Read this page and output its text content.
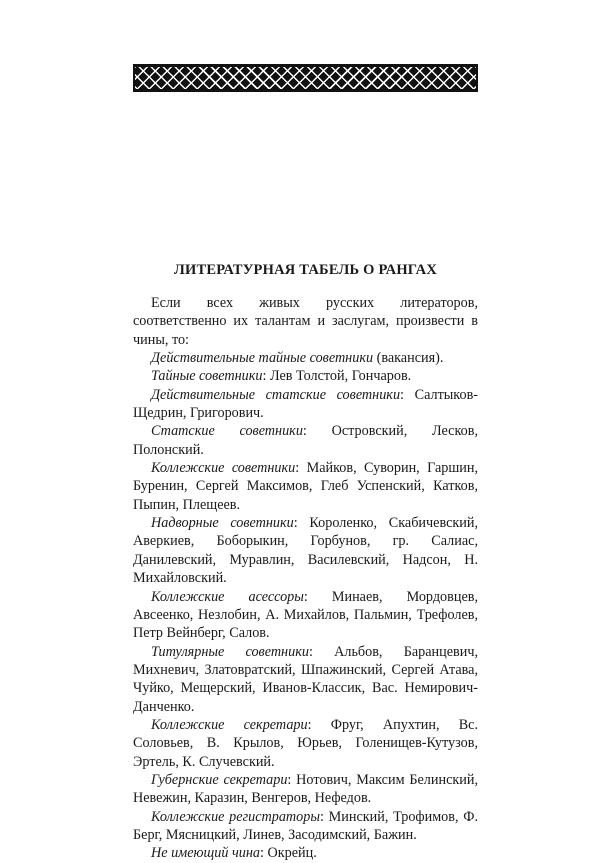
ЛИТЕРАТУРНАЯ ТАБЕЛЬ О РАНГАХ

Если всех живых русских литераторов, соответственно их талантам и заслугам, произвести в чины, то:

Действительные тайные советники (вакансия).

Тайные советники: Лев Толстой, Гончаров.

Действительные статские советники: Салтыков-Щедрин, Григорович.

Статские советники: Островский, Лесков, Полонский.

Коллежские советники: Майков, Суворин, Гаршин, Буренин, Сергей Максимов, Глеб Успенский, Катков, Пыпин, Плещеев.

Надворные советники: Короленко, Скабичевский, Аверкиев, Боборыкин, Горбунов, гр. Салиас, Данилевский, Муравлин, Василевский, Надсон, Н. Михайловский.

Коллежские асессоры: Минаев, Мордовцев, Авсеенко, Незлобин, А. Михайлов, Пальмин, Трефолев, Петр Вейнберг, Салов.

Титулярные советники: Альбов, Баранцевич, Михневич, Златовратский, Шпажинский, Сергей Атава, Чуйко, Мещерский, Иванов-Классик, Вас. Немирович-Данченко.

Коллежские секретари: Фруг, Апухтин, Вс. Соловьев, В. Крылов, Юрьев, Голенищев-Кутузов, Эртель, К. Случевский.

Губернские секретари: Нотович, Максим Белинский, Невежин, Каразин, Венгеров, Нефедов.

Коллежские регистраторы: Минский, Трофимов, Ф. Берг, Мясницкий, Линев, Засодимский, Бажин.

Не имеющий чина: Окрейц.
